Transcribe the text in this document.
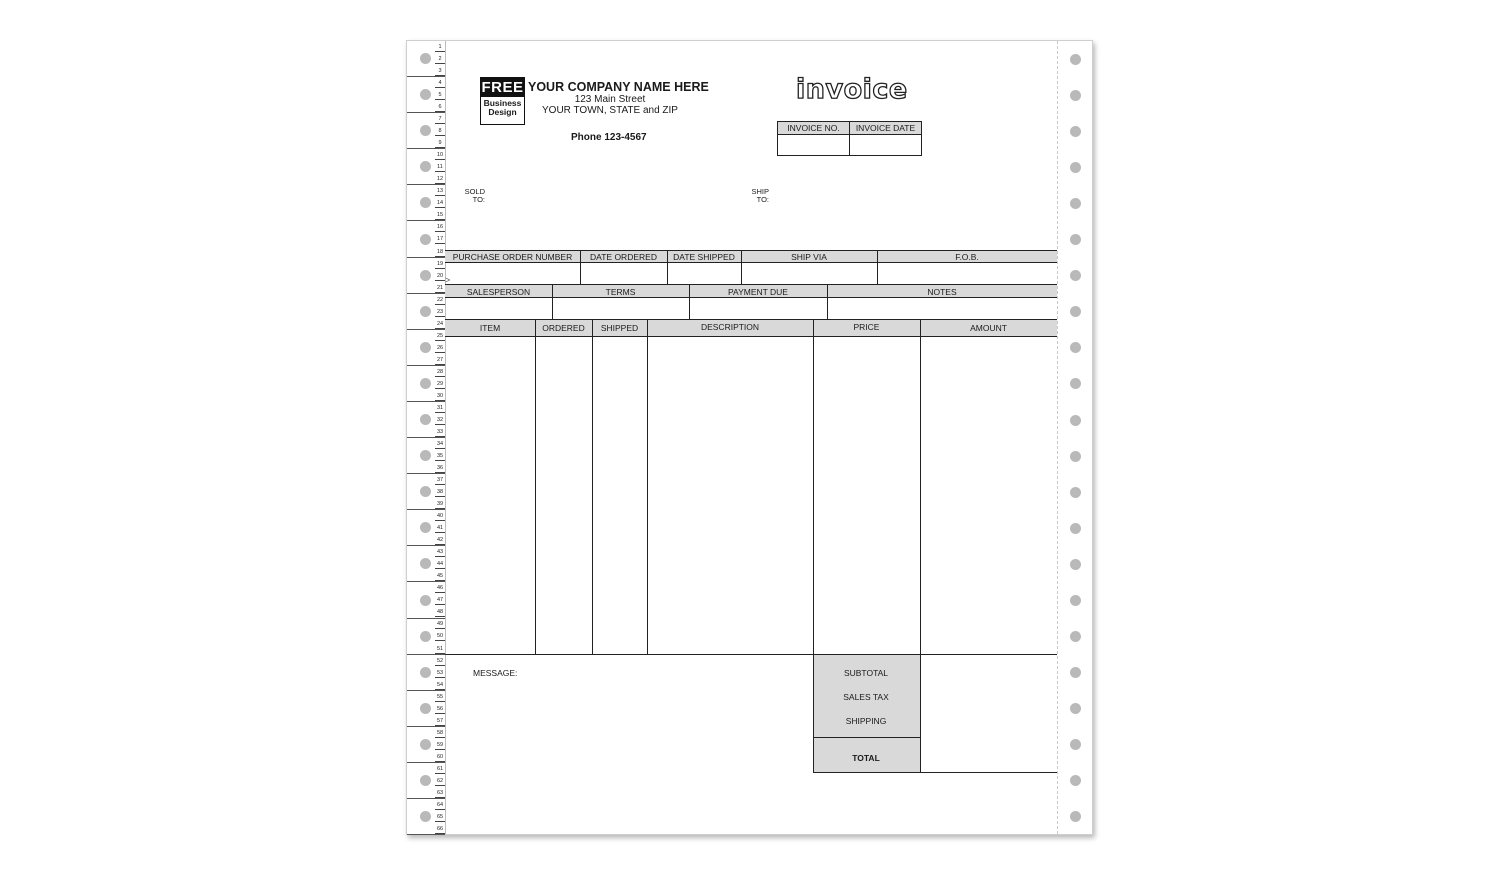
1
2
3
4
5
6
7
8
9
10
11
12
13
14
15
16
17
18
19
20
21
22
23
24
25
26
27
28
29
30
31
32
33
34
35
36
37
38
39
40
41
42
43
44
45
46
47
48
49
50
51
52
53
54
55
56
57
58
59
60
61
62
63
64
65
66
FREE
Business
Design
YOUR COMPANY NAME HERE
123 Main Street
YOUR TOWN, STATE and ZIP
Phone 123-4567
invoice
INVOICE NO.	INVOICE DATE
SOLD
TO:
SHIP
TO:
PURCHASE ORDER NUMBER	DATE ORDERED	DATE SHIPPED	SHIP VIA	F.O.B.
>
SALESPERSON	TERMS	PAYMENT DUE	NOTES
ITEM	ORDERED	SHIPPED	DESCRIPTION	PRICE	AMOUNT
MESSAGE:	SUBTOTAL
SALES TAX
SHIPPING
TOTAL
